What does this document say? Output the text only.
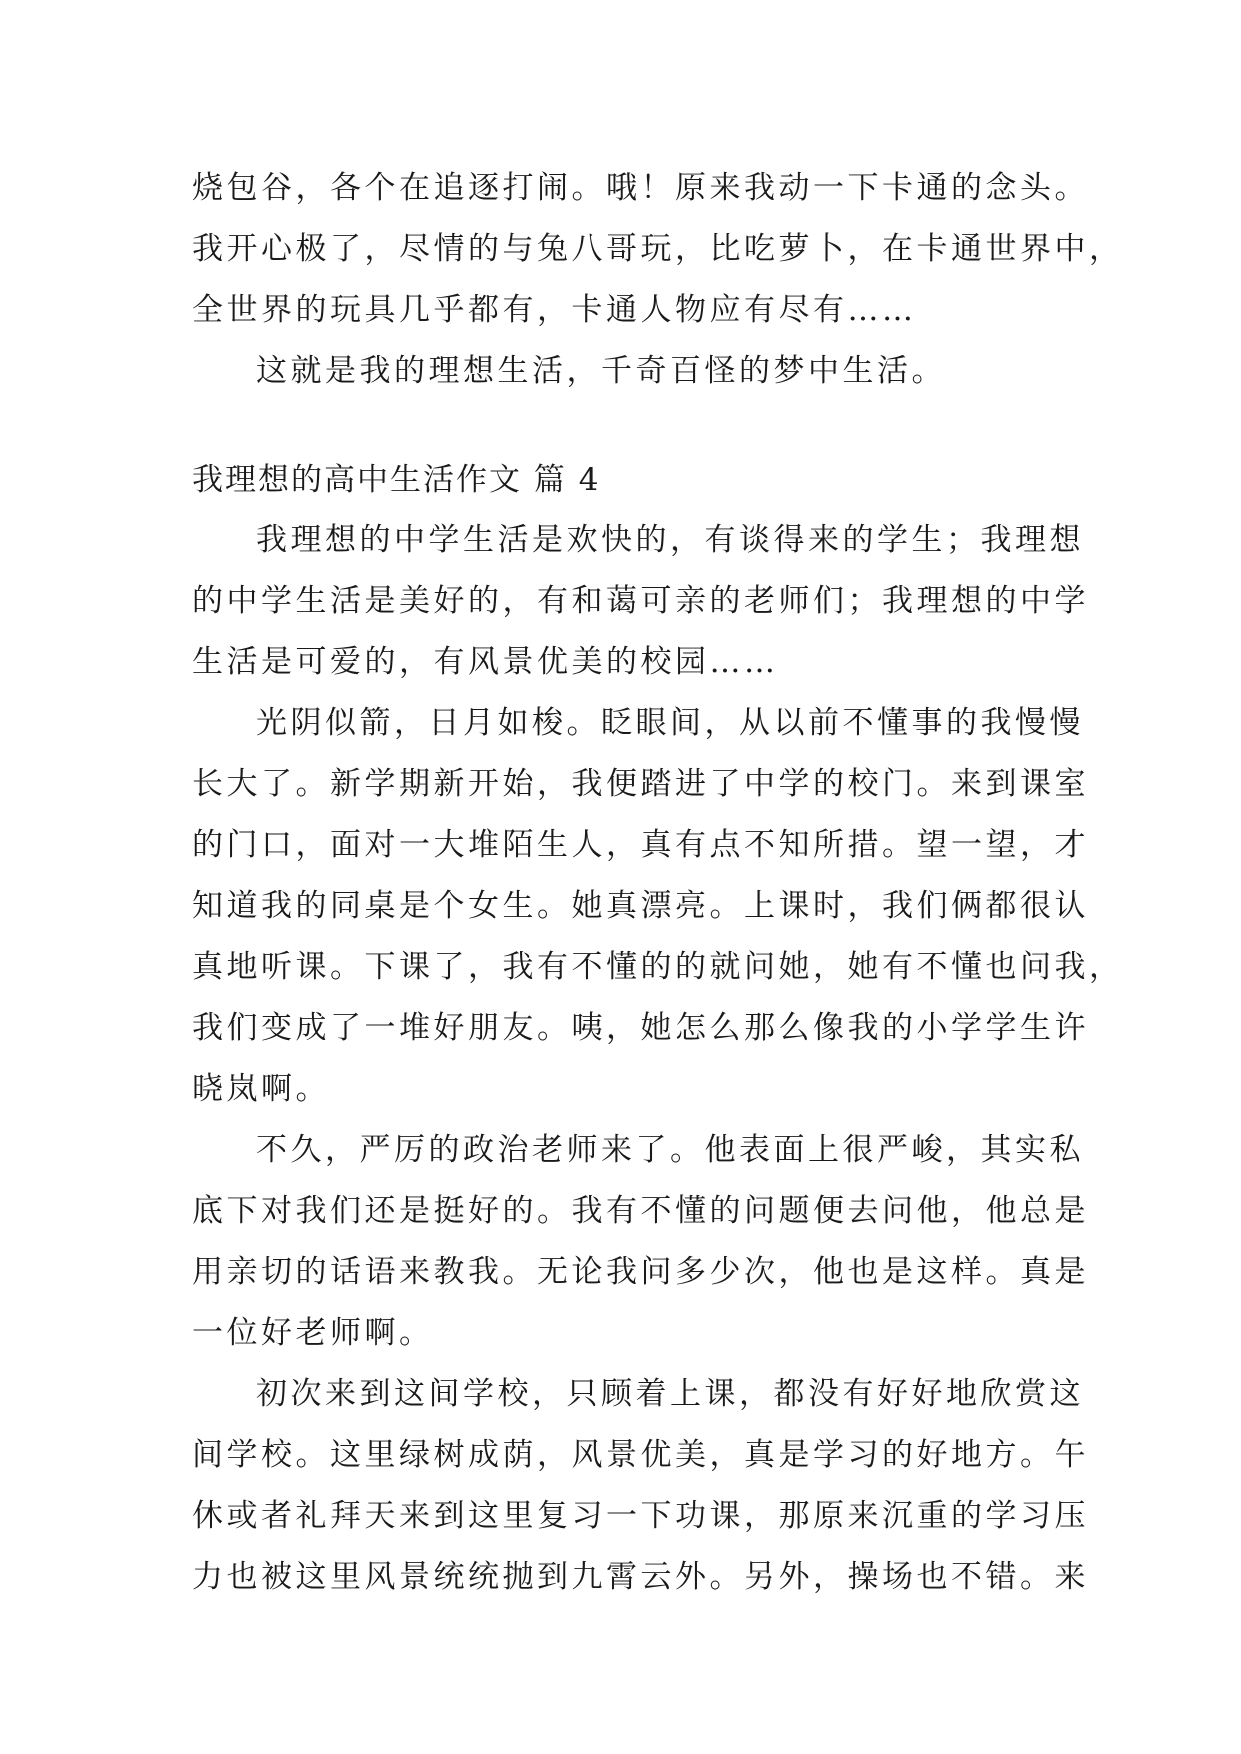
烧包谷，各个在追逐打闹。哦！原来我动一下卡通的念头。
我开心极了，尽情的与兔八哥玩，比吃萝卜，在卡通世界中，
全世界的玩具几乎都有，卡通人物应有尽有……
这就是我的理想生活，千奇百怪的梦中生活。
我理想的高中生活作文 篇 4
我理想的中学生活是欢快的，有谈得来的学生；我理想
的中学生活是美好的，有和蔼可亲的老师们；我理想的中学
生活是可爱的，有风景优美的校园……
光阴似箭，日月如梭。眨眼间，从以前不懂事的我慢慢
长大了。新学期新开始，我便踏进了中学的校门。来到课室
的门口，面对一大堆陌生人，真有点不知所措。望一望，才
知道我的同桌是个女生。她真漂亮。上课时，我们俩都很认
真地听课。下课了，我有不懂的的就问她，她有不懂也问我，
我们变成了一堆好朋友。咦，她怎么那么像我的小学学生许
晓岚啊。
不久，严厉的政治老师来了。他表面上很严峻，其实私
底下对我们还是挺好的。我有不懂的问题便去问他，他总是
用亲切的话语来教我。无论我问多少次，他也是这样。真是
一位好老师啊。
初次来到这间学校，只顾着上课，都没有好好地欣赏这
间学校。这里绿树成荫，风景优美，真是学习的好地方。午
休或者礼拜天来到这里复习一下功课，那原来沉重的学习压
力也被这里风景统统抛到九霄云外。另外，操场也不错。来
